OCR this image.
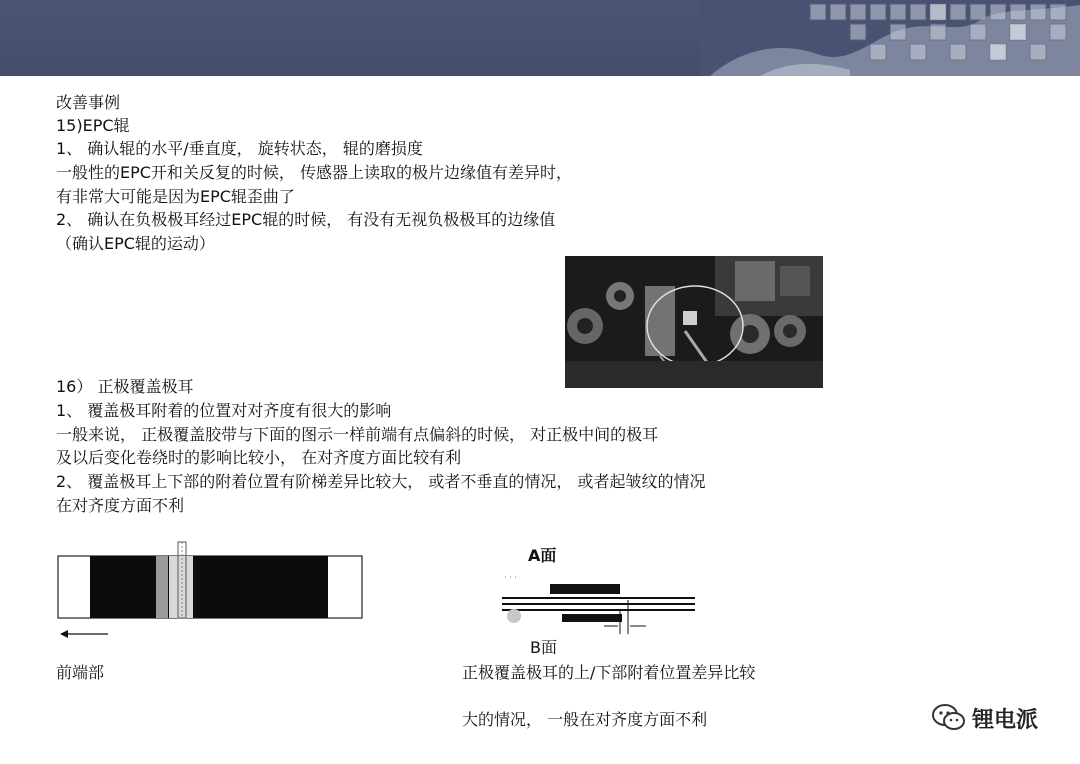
改善事例
15)EPC辊
1、 确认辊的水平/垂直度， 旋转状态， 辊的磨损度
一般性的EPC开和关反复的时候， 传感器上读取的极片边缘值有差异时，
有非常大可能是因为EPC辊歪曲了
2、 确认在负极极耳经过EPC辊的时候， 有没有无视负极极耳的边缘值
（确认EPC辊的运动）
16） 正极覆盖极耳
1、 覆盖极耳附着的位置对对齐度有很大的影响
一般来说， 正极覆盖胶带与下面的图示一样前端有点偏斜的时候， 对正极中间的极耳
及以后变化卷绕时的影响比较小， 在对齐度方面比较有利
2、 覆盖极耳上下部的附着位置有阶梯差异比较大， 或者不垂直的情况， 或者起皱纹的情况
在对齐度方面不利
前端部
A面
· · ·
B面
正极覆盖极耳的上/下部附着位置差异比较
大的情况， 一般在对齐度方面不利	锂电派
